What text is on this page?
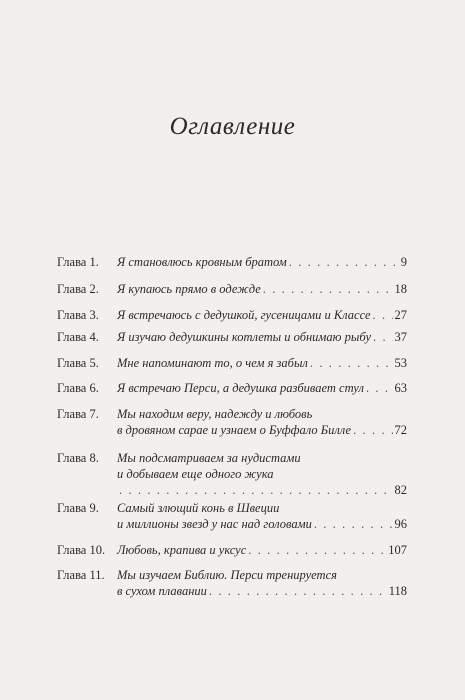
Оглавление
Глава 1. Я становлюсь кровным братом . . .	9
Глава 2. Я купаюсь прямо в одежде . . .	18
Глава 3. Я встречаюсь с дедушкой, гусеницами и Классе . . . 27
Глава 4. Я изучаю дедушкины котлеты и обнимаю рыбу . . . 37
Глава 5. Мне напоминают то, о чем я забыл . . .	53
Глава 6. Я встречаю Перси, а дедушка разбивает стул . . . 63
Глава 7. Мы находим веру, надежду и любовь
в дровяном сарае и узнаем о Буффало Билле . . .	72
Глава 8. Мы подсматриваем за нудистами
и добываем еще одного жука
. . .
82
Глава 9. Самый злющий конь в Швеции
и миллионы звезд у нас над головами . . .	96
Глава 10. Любовь, крапива и уксус . . .	107
Глава 11. Мы изучаем Библию. Перси тренируется
в сухом плавании . . .	118
